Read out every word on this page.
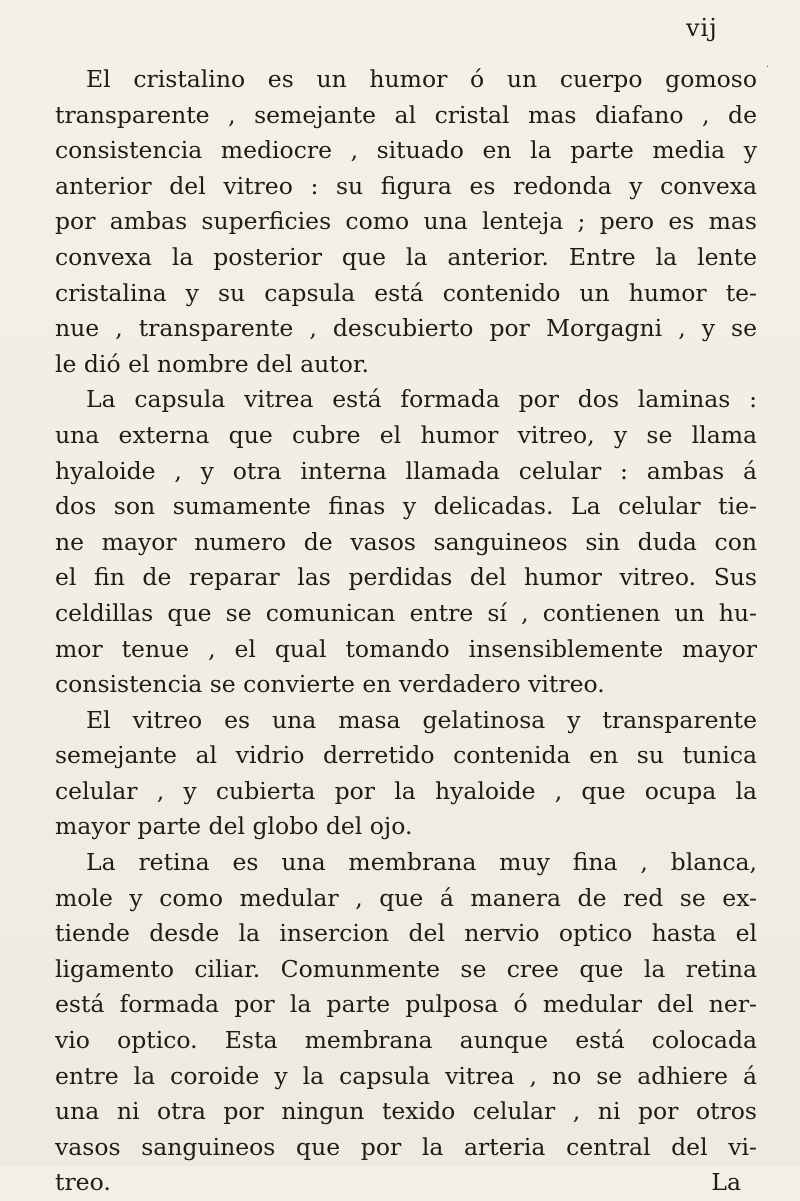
vij
·
El cristalino es un humor ó un cuerpo gomoso
transparente , semejante al cristal mas diafano , de
consistencia mediocre , situado en la parte media y
anterior del vitreo : su figura es redonda y convexa
por ambas superficies como una lenteja ; pero es mas
convexa la posterior que la anterior. Entre la lente
cristalina y su capsula está contenido un humor te-
nue , transparente , descubierto por Morgagni , y se
le dió el nombre del autor.
La capsula vitrea está formada por dos laminas :
una externa que cubre el humor vitreo, y se llama
hyaloide , y otra interna llamada celular : ambas á
dos son sumamente finas y delicadas. La celular tie-
ne mayor numero de vasos sanguineos sin duda con
el fin de reparar las perdidas del humor vitreo. Sus
celdillas que se comunican entre sí , contienen un hu-
mor tenue , el qual tomando insensiblemente mayor
consistencia se convierte en verdadero vitreo.
El vitreo es una masa gelatinosa y transparente
semejante al vidrio derretido contenida en su tunica
celular , y cubierta por la hyaloide , que ocupa la
mayor parte del globo del ojo.
La retina es una membrana muy fina , blanca,
mole y como medular , que á manera de red se ex-
tiende desde la insercion del nervio optico hasta el
ligamento ciliar. Comunmente se cree que la retina
está formada por la parte pulposa ó medular del ner-
vio optico. Esta membrana aunque está colocada
entre la coroide y la capsula vitrea , no se adhiere á
una ni otra por ningun texido celular , ni por otros
vasos sanguineos que por la arteria central del vi-
treo.	La
